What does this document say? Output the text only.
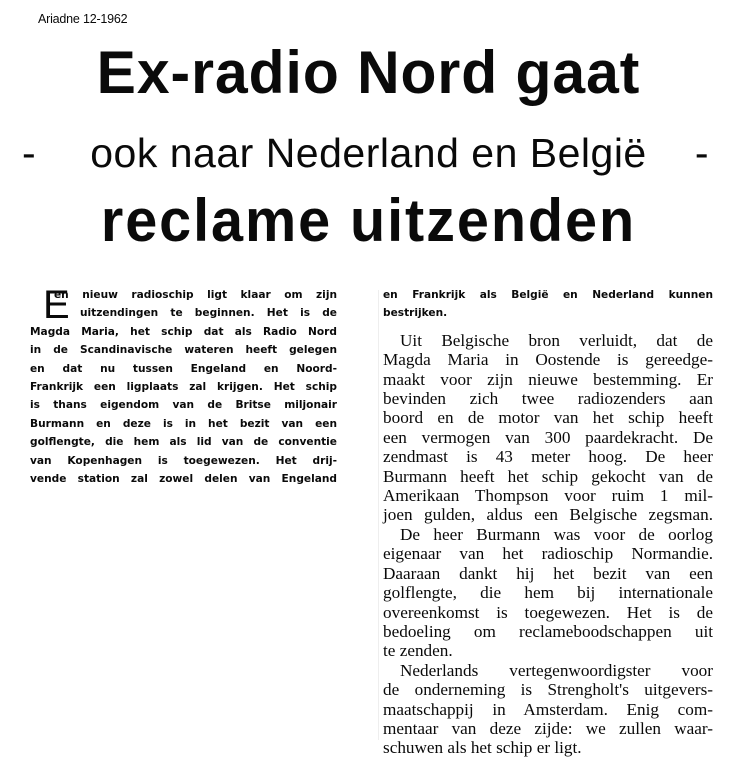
Ariadne 12-1962
Ex-radio Nord gaat
- ook naar Nederland en België -
reclame uitzenden
E
en nieuw radioschip ligt klaar om zijn
uitzendingen te beginnen. Het is de
Magda Maria, het schip dat als Radio Nord
in de Scandinavische wateren heeft gelegen
en dat nu tussen Engeland en Noord-
Frankrijk een ligplaats zal krijgen. Het schip
is thans eigendom van de Britse miljonair
Burmann en deze is in het bezit van een
golflengte, die hem als lid van de conventie
van Kopenhagen is toegewezen. Het drij-
vende station zal zowel delen van Engeland
en Frankrijk als België en Nederland kunnen
bestrijken.
Uit Belgische bron verluidt, dat de
Magda Maria in Oostende is gereedge-
maakt voor zijn nieuwe bestemming. Er
bevinden zich twee radiozenders aan
boord en de motor van het schip heeft
een vermogen van 300 paardekracht. De
zendmast is 43 meter hoog. De heer
Burmann heeft het schip gekocht van de
Amerikaan Thompson voor ruim 1 mil-
joen gulden, aldus een Belgische zegsman.
De heer Burmann was voor de oorlog
eigenaar van het radioschip Normandie.
Daaraan dankt hij het bezit van een
golflengte, die hem bij internationale
overeenkomst is toegewezen. Het is de
bedoeling om reclameboodschappen uit
te zenden.
Nederlands vertegenwoordigster voor
de onderneming is Strengholt's uitgevers-
maatschappij in Amsterdam. Enig com-
mentaar van deze zijde: we zullen waar-
schuwen als het schip er ligt.
